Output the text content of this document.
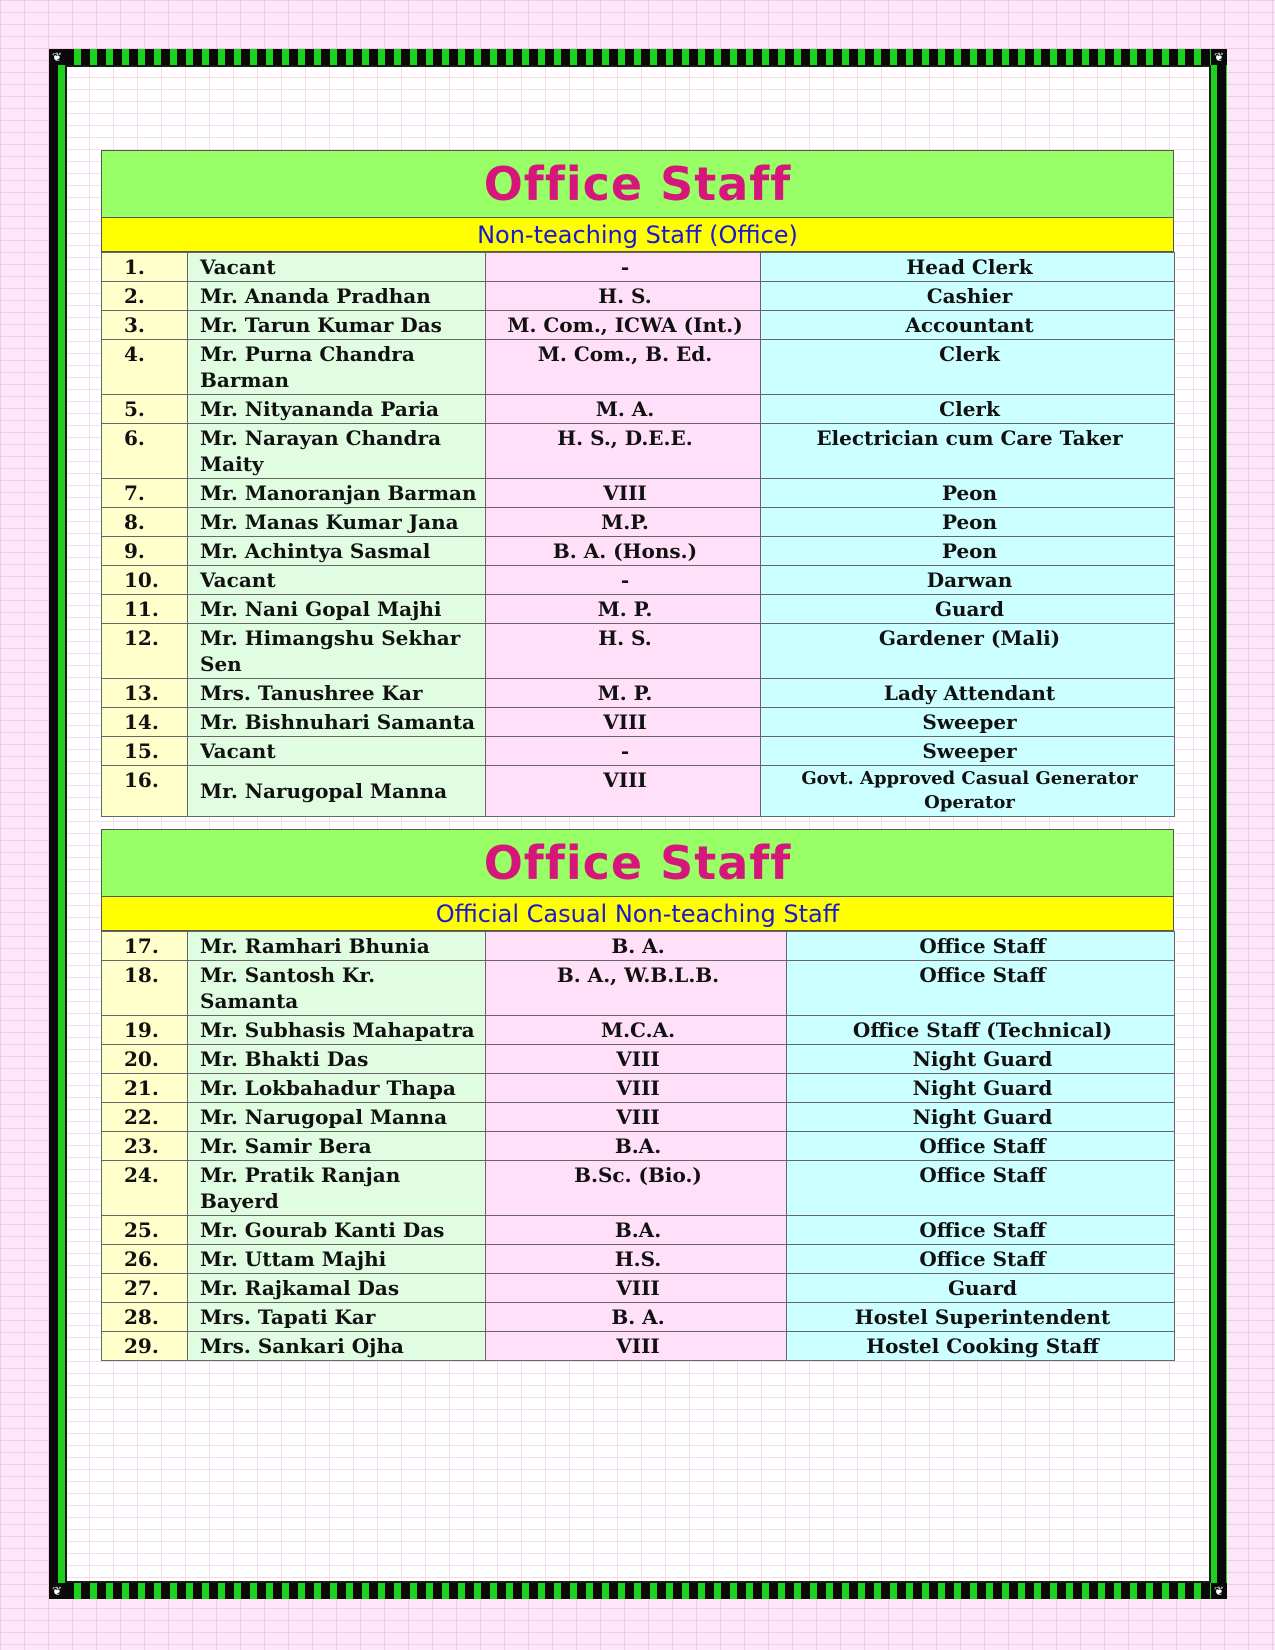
❦	❦
❦	❦
Office Staff
Non-teaching Staff (Office)
1.	Vacant	-	Head Clerk
2.	Mr. Ananda Pradhan	H. S.	Cashier
3.	Mr. Tarun Kumar Das	M. Com., ICWA (Int.)	Accountant
4.	Mr. Purna Chandra Barman	M. Com., B. Ed.	Clerk
5.	Mr. Nityananda Paria	M. A.	Clerk
6.	Mr. Narayan Chandra Maity	H. S., D.E.E.	Electrician cum Care Taker
7.	Mr. Manoranjan Barman	VIII	Peon
8.	Mr. Manas Kumar Jana	M.P.	Peon
9.	Mr. Achintya Sasmal	B. A. (Hons.)	Peon
10.	Vacant	-	Darwan
11.	Mr. Nani Gopal Majhi	M. P.	Guard
12.	Mr. Himangshu Sekhar Sen	H. S.	Gardener (Mali)
13.	Mrs. Tanushree Kar	M. P.	Lady Attendant
14.	Mr. Bishnuhari Samanta	VIII	Sweeper
15.	Vacant	-	Sweeper
16.	Mr. Narugopal Manna	VIII	Govt. Approved Casual Generator Operator
Office Staff
Official Casual Non-teaching Staff
17.	Mr. Ramhari Bhunia	B. A.	Office Staff
18.	Mr. Santosh Kr. Samanta	B. A., W.B.L.B.	Office Staff
19.	Mr. Subhasis Mahapatra	M.C.A.	Office Staff (Technical)
20.	Mr. Bhakti Das	VIII	Night Guard
21.	Mr. Lokbahadur Thapa	VIII	Night Guard
22.	Mr. Narugopal Manna	VIII	Night Guard
23.	Mr. Samir Bera	B.A.	Office Staff
24.	Mr. Pratik Ranjan Bayerd	B.Sc. (Bio.)	Office Staff
25.	Mr. Gourab Kanti Das	B.A.	Office Staff
26.	Mr. Uttam Majhi	H.S.	Office Staff
27.	Mr. Rajkamal Das	VIII	Guard
28.	Mrs. Tapati Kar	B. A.	Hostel Superintendent
29.	Mrs. Sankari Ojha	VIII	Hostel Cooking Staff
